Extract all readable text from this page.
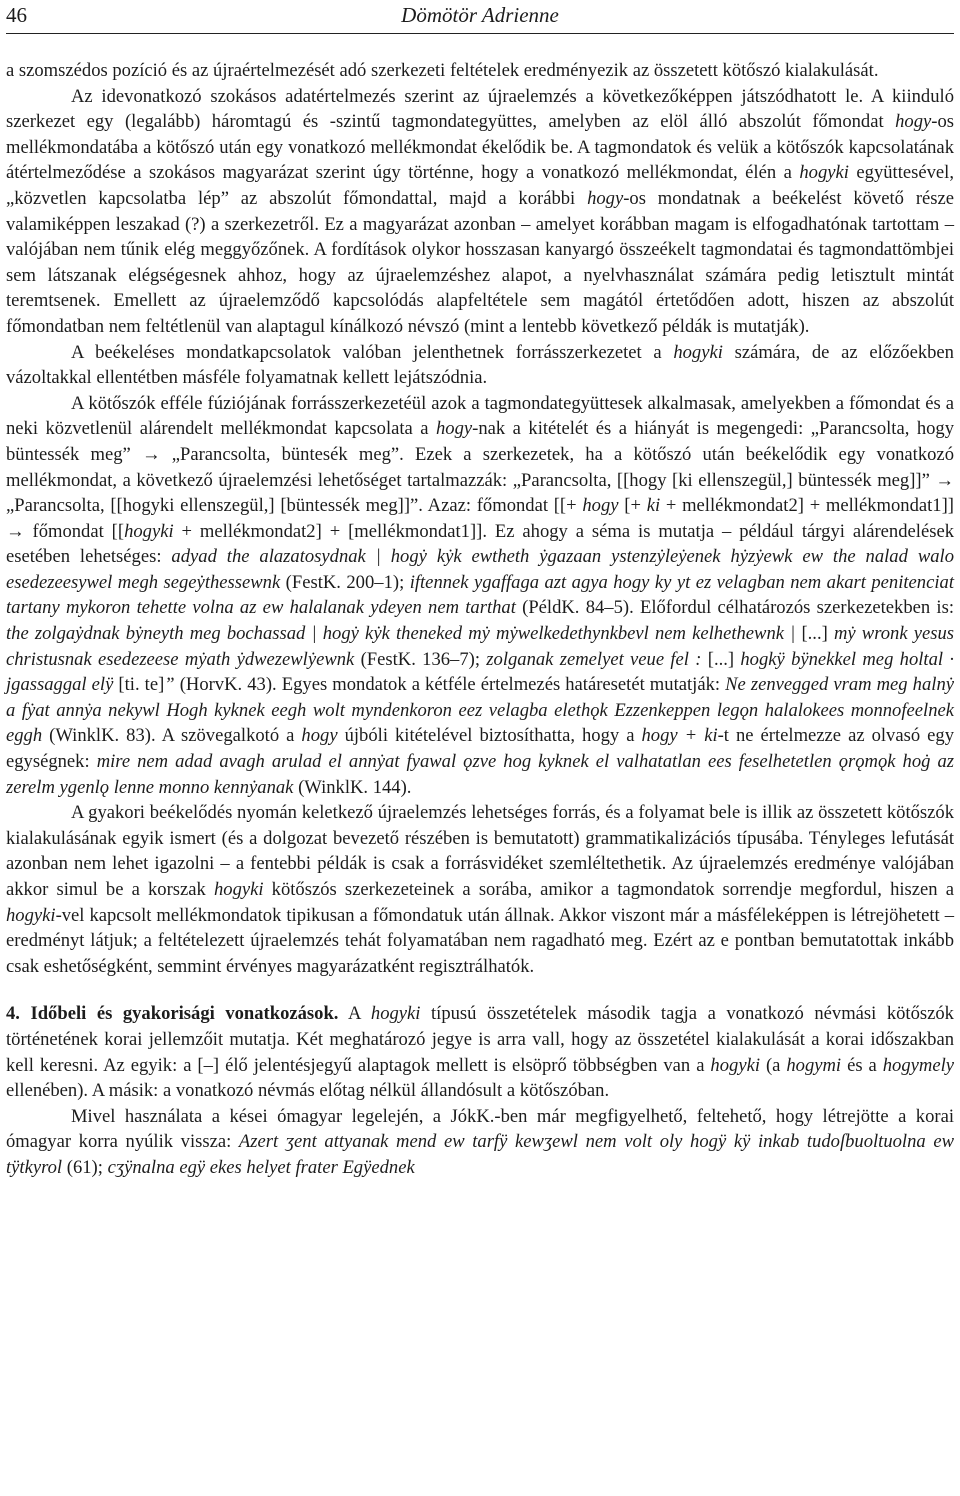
46	Dömötör Adrienne

a szomszédos pozíció és az újraértelmezését adó szerkezeti feltételek eredményezik az összetett kötőszó kialakulását.

Az idevonatkozó szokásos adatértelmezés szerint az újraelemzés a következőképpen játszódhatott le. A kiinduló szerkezet egy (legalább) háromtagú és -szintű tagmondategyüttes, amelyben az elöl álló abszolút főmondat hogy-os mellékmondatába a kötőszó után egy vonatkozó mellékmondat ékelődik be. A tagmondatok és velük a kötőszók kapcsolatának átértelmeződése a szokásos magyarázat szerint úgy történne, hogy a vonatkozó mellékmondat, élén a hogyki együttesével, „közvetlen kapcsolatba lép” az abszolút főmondattal, majd a korábbi hogy-os mondatnak a beékelést követő része valamiképpen leszakad (?) a szerkezetről. Ez a magyarázat azonban – amelyet korábban magam is elfogadhatónak tartottam – valójában nem tűnik elég meggyőzőnek. A fordítások olykor hosszasan kanyargó összeékelt tagmondatai és tagmondattömbjei sem látszanak elégségesnek ahhoz, hogy az újraelemzéshez alapot, a nyelvhasználat számára pedig letisztult mintát teremtsenek. Emellett az újraelemződő kapcsolódás alapfeltétele sem magától értetődően adott, hiszen az abszolút főmondatban nem feltétlenül van alaptagul kínálkozó névszó (mint a lentebb következő példák is mutatják).

A beékeléses mondatkapcsolatok valóban jelenthetnek forrásszerkezetet a hogyki számára, de az előzőekben vázoltakkal ellentétben másféle folyamatnak kellett lejátszódnia.

A kötőszók efféle fúziójának forrásszerkezetéül azok a tagmondategyüttesek alkalmasak, amelyekben a főmondat és a neki közvetlenül alárendelt mellékmondat kapcsolata a hogy-nak a kitételét és a hiányát is megengedi: „Parancsolta, hogy büntessék meg” → „Parancsolta, büntesék meg”. Ezek a szerkezetek, ha a kötőszó után beékelődik egy vonatkozó mellékmondat, a következő újraelemzési lehetőséget tartalmazzák: „Parancsolta, [[hogy [ki ellenszegül,] büntessék meg]]” → „Parancsolta, [[hogyki ellenszegül,] [büntessék meg]]”. Azaz: főmondat [[+ hogy [+ ki + mellékmondat2] + mellékmondat1]] → főmondat [[hogyki + mellékmondat2] + [mellékmondat1]]. Ez ahogy a séma is mutatja – például tárgyi alárendelések esetében lehetséges: adyad the alazatosydnak | hogẏ kẏk ewtheth ẏgazaan ystenzẏleẏenek hẏzẏewk ew the nalad walo esedezeesywel megh segeẏthessewnk (FestK. 200–1); iftennek ygaffaga azt agya hogy ky yt ez velagban nem akart penitenciat tartany mykoron tehette volna az ew halalanak ydeyen nem tarthat (PéldK. 84–5). Előfordul célhatározós szerkezetekben is: the zolgaẏdnak bẏneyth meg bochassad | hogẏ kẏk theneked mẏ mẏwelkedethynkbevl nem kelhethewnk | [...] mẏ wronk yesus christusnak esedezeese mẏath ẏdwezewlẏewnk (FestK. 136–7); zolganak zemelyet veue fel : [...] hogkÿ bÿnekkel meg holtal · jgassaggal elÿ [ti. te]” (HorvK. 43). Egyes mondatok a kétféle értelmezés határesetét mutatják: Ne zenvegged vram meg halnẏ a fẏat annẏa nekywl Hogh kyknek eegh wolt myndenkoron eez velagba elethǫk Ezzenkeppen legǫn halalokees monnofeelnek eggh (WinklK. 83). A szövegalkotó a hogy újbóli kitételével biztosíthatta, hogy a hogy + ki-t ne értelmezze az olvasó egy egységnek: mire nem adad avagh arulad el annẏat fyawal ǫzve hog kyknek el valhatatlan ees feselhetetlen ǫrǫmǫk hoġ az zerelm ygenlǫ lenne monno kennẏanak (WinklK. 144).

A gyakori beékelődés nyomán keletkező újraelemzés lehetséges forrás, és a folyamat bele is illik az összetett kötőszók kialakulásának egyik ismert (és a dolgozat bevezető részében is bemutatott) grammatikalizációs típusába. Tényleges lefutását azonban nem lehet igazolni – a fentebbi példák is csak a forrásvidéket szemléltethetik. Az újraelemzés eredménye valójában akkor simul be a korszak hogyki kötőszós szerkezeteinek a sorába, amikor a tagmondatok sorrendje megfordul, hiszen a hogyki-vel kapcsolt mellékmondatok tipikusan a főmondatuk után állnak. Akkor viszont már a másféleképpen is létrejöhetett – eredményt látjuk; a feltételezett újraelemzés tehát folyamatában nem ragadható meg. Ezért az e pontban bemutatottak inkább csak eshetőségként, semmint érvényes magyarázatként regisztrálhatók.

4. Időbeli és gyakorisági vonatkozások. A hogyki típusú összetételek második tagja a vonatkozó névmási kötőszók történetének korai jellemzőit mutatja. Két meghatározó jegye is arra vall, hogy az összetétel kialakulását a korai időszakban kell keresni. Az egyik: a [–] élő jelentésjegyű alaptagok mellett is elsöprő többségben van a hogyki (a hogymi és a hogymely ellenében). A másik: a vonatkozó névmás előtag nélkül állandósult a kötőszóban.

Mivel használata a kései ómagyar legelején, a JókK.-ben már megfigyelhető, feltehető, hogy létrejötte a korai ómagyar korra nyúlik vissza: Azert ʒent attyanak mend ew tarfÿ kewʒewl nem volt oly hogÿ kÿ inkab tudoſbuoltuolna ew tÿtkyrol (61); cʒÿnalna egÿ ekes helyet frater Egÿednek
